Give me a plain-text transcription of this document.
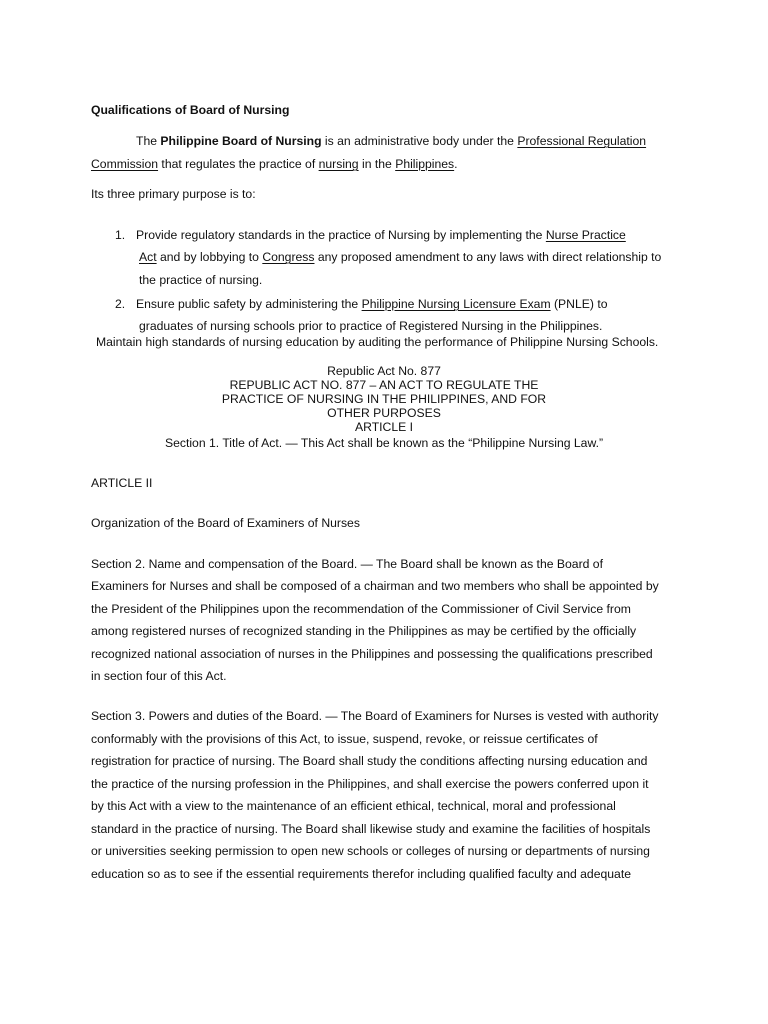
Qualifications of Board of Nursing
The Philippine Board of Nursing is an administrative body under the Professional Regulation
Commission that regulates the practice of nursing in the Philippines.
Its three primary purpose is to:
1. Provide regulatory standards in the practice of Nursing by implementing the Nurse Practice
Act and by lobbying to Congress any proposed amendment to any laws with direct relationship to
the practice of nursing.
2. Ensure public safety by administering the Philippine Nursing Licensure Exam (PNLE) to
graduates of nursing schools prior to practice of Registered Nursing in the Philippines.
Maintain high standards of nursing education by auditing the performance of Philippine Nursing Schools.
Republic Act No. 877
REPUBLIC ACT NO. 877 – AN ACT TO REGULATE THE
PRACTICE OF NURSING IN THE PHILIPPINES, AND FOR
OTHER PURPOSES
ARTICLE I
Section 1. Title of Act. — This Act shall be known as the “Philippine Nursing Law.”
ARTICLE II
Organization of the Board of Examiners of Nurses
Section 2. Name and compensation of the Board. — The Board shall be known as the Board of
Examiners for Nurses and shall be composed of a chairman and two members who shall be appointed by
the President of the Philippines upon the recommendation of the Commissioner of Civil Service from
among registered nurses of recognized standing in the Philippines as may be certified by the officially
recognized national association of nurses in the Philippines and possessing the qualifications prescribed
in section four of this Act.
Section 3. Powers and duties of the Board. — The Board of Examiners for Nurses is vested with authority
conformably with the provisions of this Act, to issue, suspend, revoke, or reissue certificates of
registration for practice of nursing. The Board shall study the conditions affecting nursing education and
the practice of the nursing profession in the Philippines, and shall exercise the powers conferred upon it
by this Act with a view to the maintenance of an efficient ethical, technical, moral and professional
standard in the practice of nursing. The Board shall likewise study and examine the facilities of hospitals
or universities seeking permission to open new schools or colleges of nursing or departments of nursing
education so as to see if the essential requirements therefor including qualified faculty and adequate
